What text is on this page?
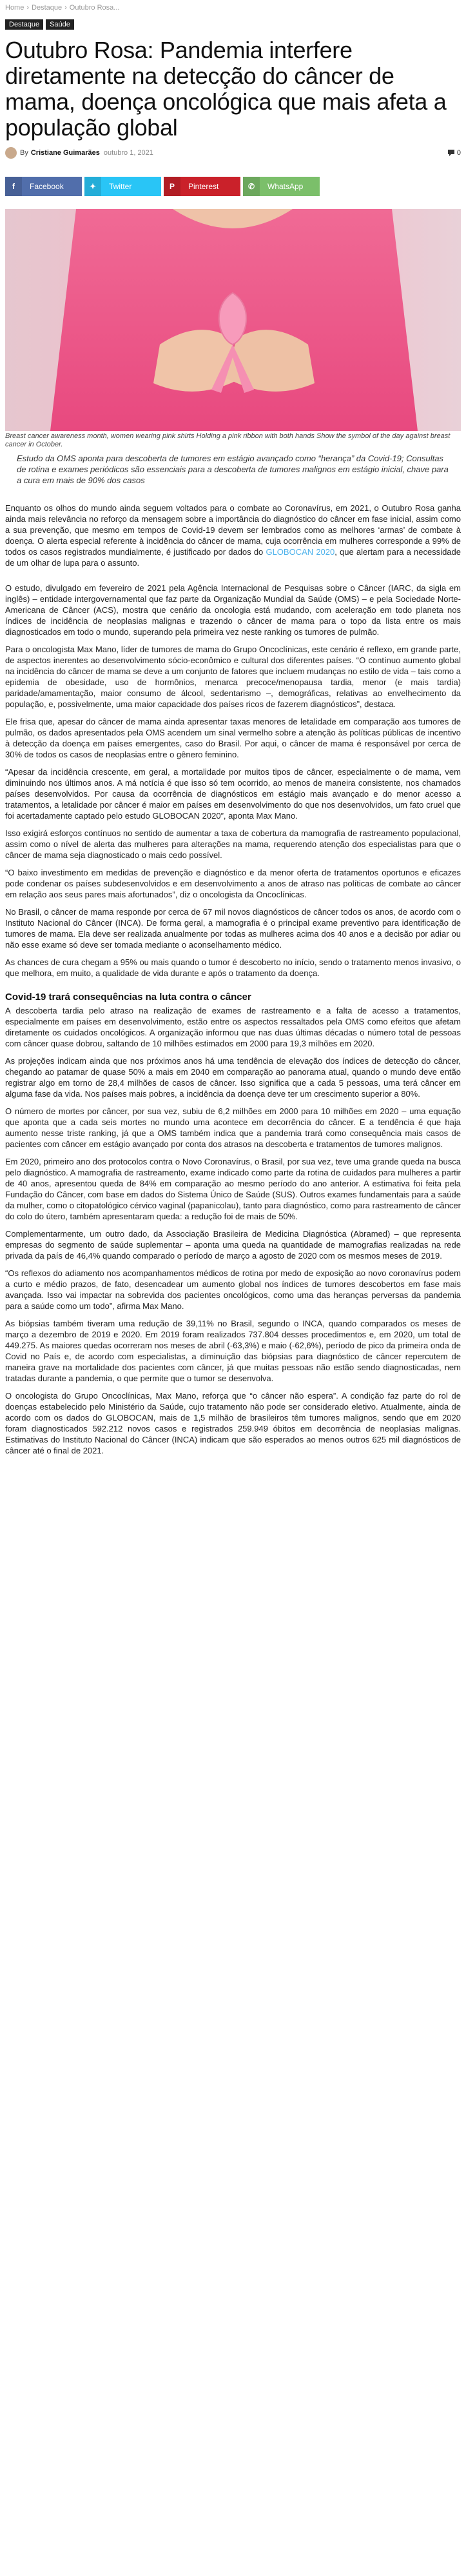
Home › Destaque › Outubro Rosa...
Destaque	Saúde
Outubro Rosa: Pandemia interfere diretamente na detecção do câncer de mama, doença oncológica que mais afeta a população global
By Cristiane Guimarães outubro 1, 2021	0
f	Facebook	✦	Twitter	P	Pinterest	✆	WhatsApp
Breast cancer awareness month, women wearing pink shirts Holding a pink ribbon with both hands Show the symbol of the day against breast cancer in October.

Estudo da OMS aponta para descoberta de tumores em estágio avançado como “herança” da Covid-19; Consultas de rotina e exames periódicos são essenciais para a descoberta de tumores malignos em estágio inicial, chave para a cura em mais de 90% dos casos

Enquanto os olhos do mundo ainda seguem voltados para o combate ao Coronavírus, em 2021, o Outubro Rosa ganha ainda mais relevância no reforço da mensagem sobre a importância do diagnóstico do câncer em fase inicial, assim como a sua prevenção, que mesmo em tempos de Covid-19 devem ser lembrados como as melhores ‘armas’ de combate à doença. O alerta especial referente à incidência do câncer de mama, cuja ocorrência em mulheres corresponde a 99% de todos os casos registrados mundialmente, é justificado por dados do GLOBOCAN 2020, que alertam para a necessidade de um olhar de lupa para o assunto.

O estudo, divulgado em fevereiro de 2021 pela Agência Internacional de Pesquisas sobre o Câncer (IARC, da sigla em inglês) – entidade intergovernamental que faz parte da Organização Mundial da Saúde (OMS) – e pela Sociedade Norte-Americana de Câncer (ACS), mostra que cenário da oncologia está mudando, com aceleração em todo planeta nos índices de incidência de neoplasias malignas e trazendo o câncer de mama para o topo da lista entre os mais diagnosticados em todo o mundo, superando pela primeira vez neste ranking os tumores de pulmão.

Para o oncologista Max Mano, líder de tumores de mama do Grupo Oncoclínicas, este cenário é reflexo, em grande parte, de aspectos inerentes ao desenvolvimento sócio-econômico e cultural dos diferentes países. “O contínuo aumento global na incidência do câncer de mama se deve a um conjunto de fatores que incluem mudanças no estilo de vida – tais como a epidemia de obesidade, uso de hormônios, menarca precoce/menopausa tardia, menor (e mais tardia) paridade/amamentação, maior consumo de álcool, sedentarismo –, demográficas, relativas ao envelhecimento da população, e, possivelmente, uma maior capacidade dos países ricos de fazerem diagnósticos”, destaca.

Ele frisa que, apesar do câncer de mama ainda apresentar taxas menores de letalidade em comparação aos tumores de pulmão, os dados apresentados pela OMS acendem um sinal vermelho sobre a atenção às políticas públicas de incentivo à detecção da doença em países emergentes, caso do Brasil. Por aqui, o câncer de mama é responsável por cerca de 30% de todos os casos de neoplasias entre o gênero feminino.

“Apesar da incidência crescente, em geral, a mortalidade por muitos tipos de câncer, especialmente o de mama, vem diminuindo nos últimos anos. A má notícia é que isso só tem ocorrido, ao menos de maneira consistente, nos chamados países desenvolvidos. Por causa da ocorrência de diagnósticos em estágio mais avançado e do menor acesso a tratamentos, a letalidade por câncer é maior em países em desenvolvimento do que nos desenvolvidos, um fato cruel que foi acertadamente captado pelo estudo GLOBOCAN 2020”, aponta Max Mano.

Isso exigirá esforços contínuos no sentido de aumentar a taxa de cobertura da mamografia de rastreamento populacional, assim como o nível de alerta das mulheres para alterações na mama, requerendo atenção dos especialistas para que o câncer de mama seja diagnosticado o mais cedo possível.

“O baixo investimento em medidas de prevenção e diagnóstico e da menor oferta de tratamentos oportunos e eficazes pode condenar os países subdesenvolvidos e em desenvolvimento a anos de atraso nas políticas de combate ao câncer em relação aos seus pares mais afortunados”, diz o oncologista da Oncoclínicas.

No Brasil, o câncer de mama responde por cerca de 67 mil novos diagnósticos de câncer todos os anos, de acordo com o Instituto Nacional do Câncer (INCA). De forma geral, a mamografia é o principal exame preventivo para identificação de tumores de mama. Ela deve ser realizada anualmente por todas as mulheres acima dos 40 anos e a decisão por adiar ou não esse exame só deve ser tomada mediante o aconselhamento médico.

As chances de cura chegam a 95% ou mais quando o tumor é descoberto no início, sendo o tratamento menos invasivo, o que melhora, em muito, a qualidade de vida durante e após o tratamento da doença.

Covid-19 trará consequências na luta contra o câncer

A descoberta tardia pelo atraso na realização de exames de rastreamento e a falta de acesso a tratamentos, especialmente em países em desenvolvimento, estão entre os aspectos ressaltados pela OMS como efeitos que afetam diretamente os cuidados oncológicos. A organização informou que nas duas últimas décadas o número total de pessoas com câncer quase dobrou, saltando de 10 milhões estimados em 2000 para 19,3 milhões em 2020.

As projeções indicam ainda que nos próximos anos há uma tendência de elevação dos índices de detecção do câncer, chegando ao patamar de quase 50% a mais em 2040 em comparação ao panorama atual, quando o mundo deve então registrar algo em torno de 28,4 milhões de casos de câncer. Isso significa que a cada 5 pessoas, uma terá câncer em alguma fase da vida. Nos países mais pobres, a incidência da doença deve ter um crescimento superior a 80%.

O número de mortes por câncer, por sua vez, subiu de 6,2 milhões em 2000 para 10 milhões em 2020 – uma equação que aponta que a cada seis mortes no mundo uma acontece em decorrência do câncer. E a tendência é que haja aumento nesse triste ranking, já que a OMS também indica que a pandemia trará como consequência mais casos de pacientes com câncer em estágio avançado por conta dos atrasos na descoberta e tratamentos de tumores malignos.

Em 2020, primeiro ano dos protocolos contra o Novo Coronavírus, o Brasil, por sua vez, teve uma grande queda na busca pelo diagnóstico. A mamografia de rastreamento, exame indicado como parte da rotina de cuidados para mulheres a partir de 40 anos, apresentou queda de 84% em comparação ao mesmo período do ano anterior. A estimativa foi feita pela Fundação do Câncer, com base em dados do Sistema Único de Saúde (SUS). Outros exames fundamentais para a saúde da mulher, como o citopatológico cérvico vaginal (papanicolau), tanto para diagnóstico, como para rastreamento de câncer do colo do útero, também apresentaram queda: a redução foi de mais de 50%.

Complementarmente, um outro dado, da Associação Brasileira de Medicina Diagnóstica (Abramed) – que representa empresas do segmento de saúde suplementar – aponta uma queda na quantidade de mamografias realizadas na rede privada da país de 46,4% quando comparado o período de março a agosto de 2020 com os mesmos meses de 2019.

“Os reflexos do adiamento nos acompanhamentos médicos de rotina por medo de exposição ao novo coronavírus podem a curto e médio prazos, de fato, desencadear um aumento global nos índices de tumores descobertos em fase mais avançada. Isso vai impactar na sobrevida dos pacientes oncológicos, como uma das heranças perversas da pandemia para a saúde como um todo”, afirma Max Mano.

As biópsias também tiveram uma redução de 39,11% no Brasil, segundo o INCA, quando comparados os meses de março a dezembro de 2019 e 2020. Em 2019 foram realizados 737.804 desses procedimentos e, em 2020, um total de 449.275. As maiores quedas ocorreram nos meses de abril (-63,3%) e maio (-62,6%), período de pico da primeira onda de Covid no País e, de acordo com especialistas, a diminuição das biópsias para diagnóstico de câncer repercutem de maneira grave na mortalidade dos pacientes com câncer, já que muitas pessoas não estão sendo diagnosticadas, nem tratadas durante a pandemia, o que permite que o tumor se desenvolva.

O oncologista do Grupo Oncoclínicas, Max Mano, reforça que “o câncer não espera”. A condição faz parte do rol de doenças estabelecido pelo Ministério da Saúde, cujo tratamento não pode ser considerado eletivo. Atualmente, ainda de acordo com os dados do GLOBOCAN, mais de 1,5 milhão de brasileiros têm tumores malignos, sendo que em 2020 foram diagnosticados 592.212 novos casos e registrados 259.949 óbitos em decorrência de neoplasias malignas. Estimativas do Instituto Nacional do Câncer (INCA) indicam que são esperados ao menos outros 625 mil diagnósticos de câncer até o final de 2021.
